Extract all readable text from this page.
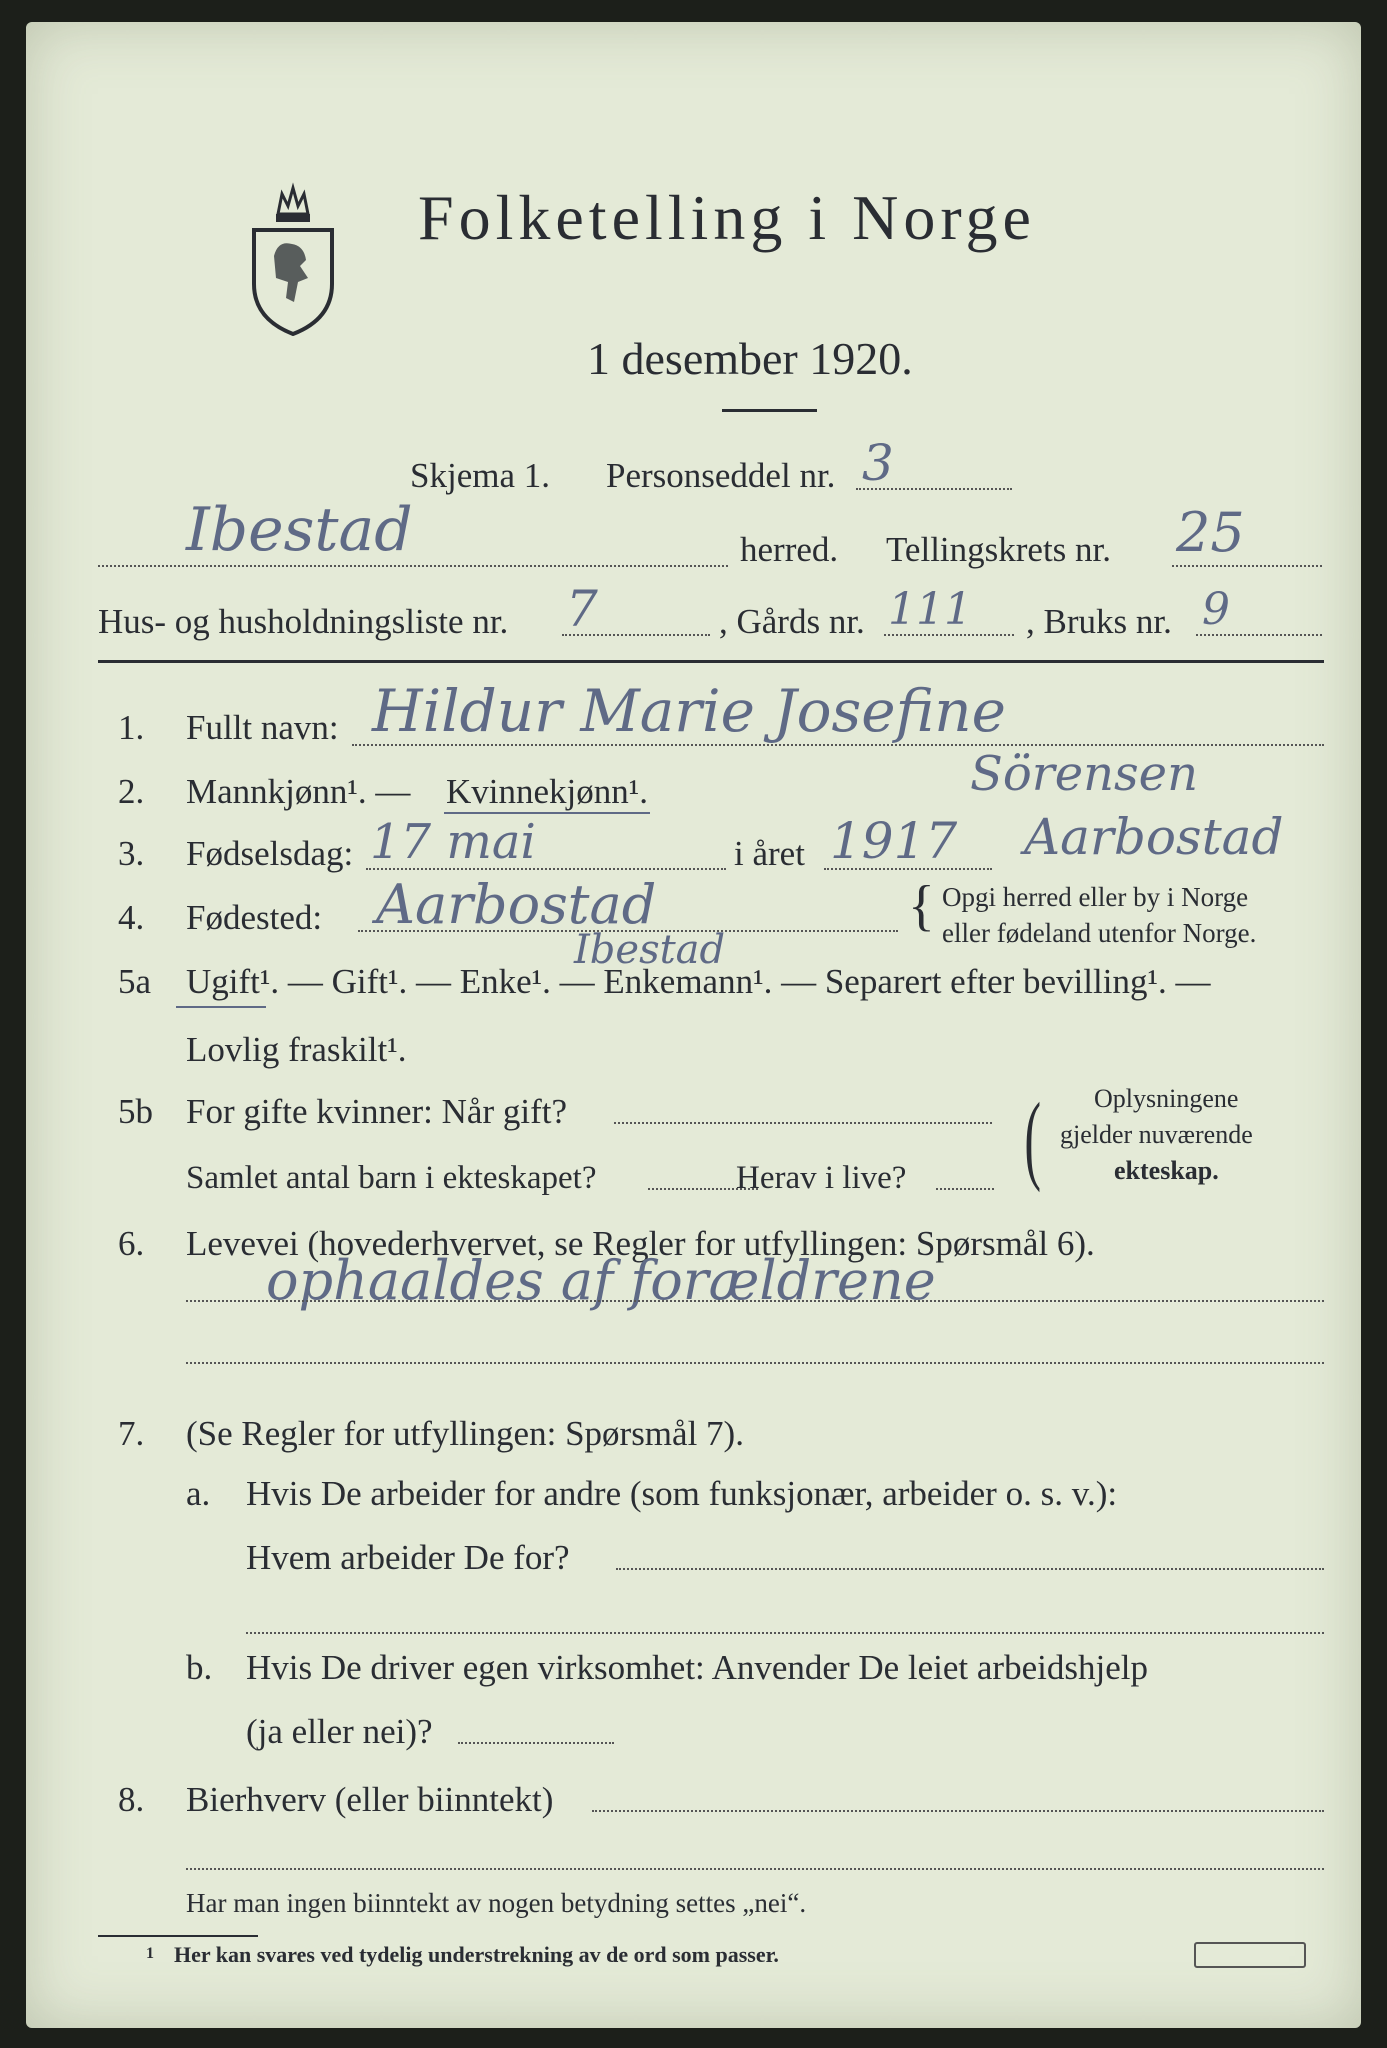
Folketelling i Norge
1 desember 1920.
Skjema 1. Personseddel nr. 3
Ibestad	herred. Tellingskrets nr. 25
Hus- og husholdningsliste nr. 7	, Gårds nr. 111 , Bruks nr. 9
1. Fullt navn: Hildur Marie Josefine
Sörensen
2. Mannkjønn¹. — Kvinnekjønn¹.
3. Fødselsdag: 17 mai	i året 1917 Aarbostad
4. Fødested: Aarbostad
Ibestad
{ Opgi herred eller by i Norge
eller fødeland utenfor Norge.
5a Ugift¹. — Gift¹. — Enke¹. — Enkemann¹. — Separert efter bevilling¹. —
Lovlig fraskilt¹.
5b For gifte kvinner: Når gift?
Samlet antal barn i ekteskapet?	Herav i live? ( Oplysningene
gjelder nuværende
ekteskap.
6. Levevei (hovederhvervet, se Regler for utfyllingen: Spørsmål 6).
ophaaldes af forældrene
7. (Se Regler for utfyllingen: Spørsmål 7).
a. Hvis De arbeider for andre (som funksjonær, arbeider o. s. v.):
Hvem arbeider De for?
b. Hvis De driver egen virksomhet: Anvender De leiet arbeidshjelp
(ja eller nei)?
8. Bierhverv (eller biinntekt)
Har man ingen biinntekt av nogen betydning settes „nei“.
1 Her kan svares ved tydelig understrekning av de ord som passer.
